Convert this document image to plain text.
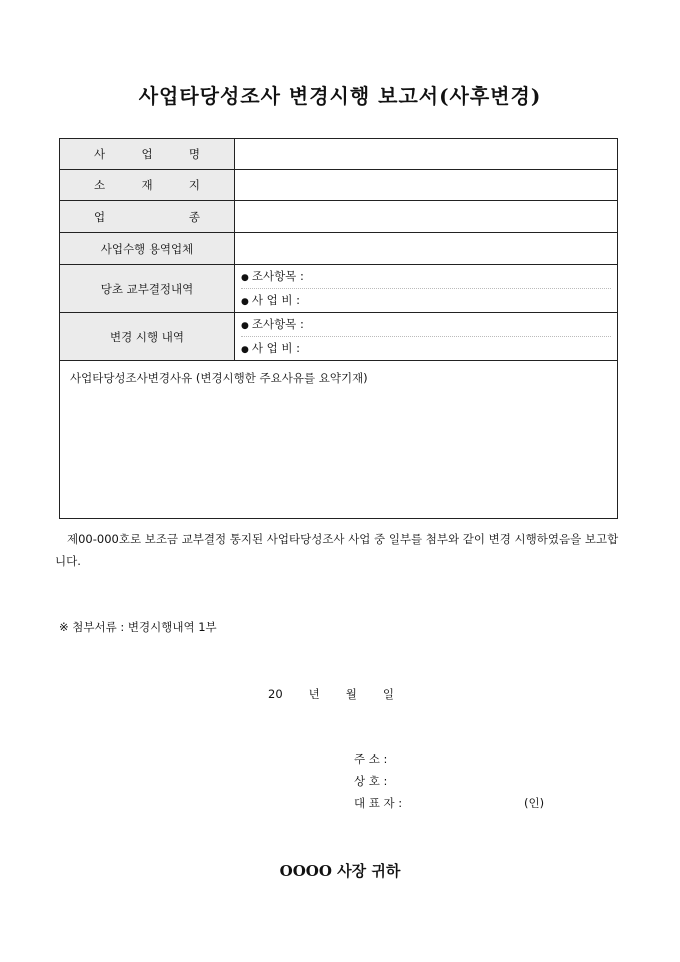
사업타당성조사 변경시행 보고서(사후변경)
사 업 명	

소 재 지	

업 종	

사업수행 용역업체	
당초 교부결정내역	● 조사항목 :
● 사 업 비 :

변경 시행 내역	● 조사항목 :
● 사 업 비 :

사업타당성조사변경사유 (변경시행한 주요사유를 요약기재)	
제00-000호로 보조금 교부결정 통지된 사업타당성조사 사업 중 일부를 첨부와 같이 변경 시행하였음을 보고합니다.
※ 첨부서류 : 변경시행내역 1부
20 년 월 일
주 소 :
상 호 :
대 표 자 :	(인)
OOOO 사장 귀하
